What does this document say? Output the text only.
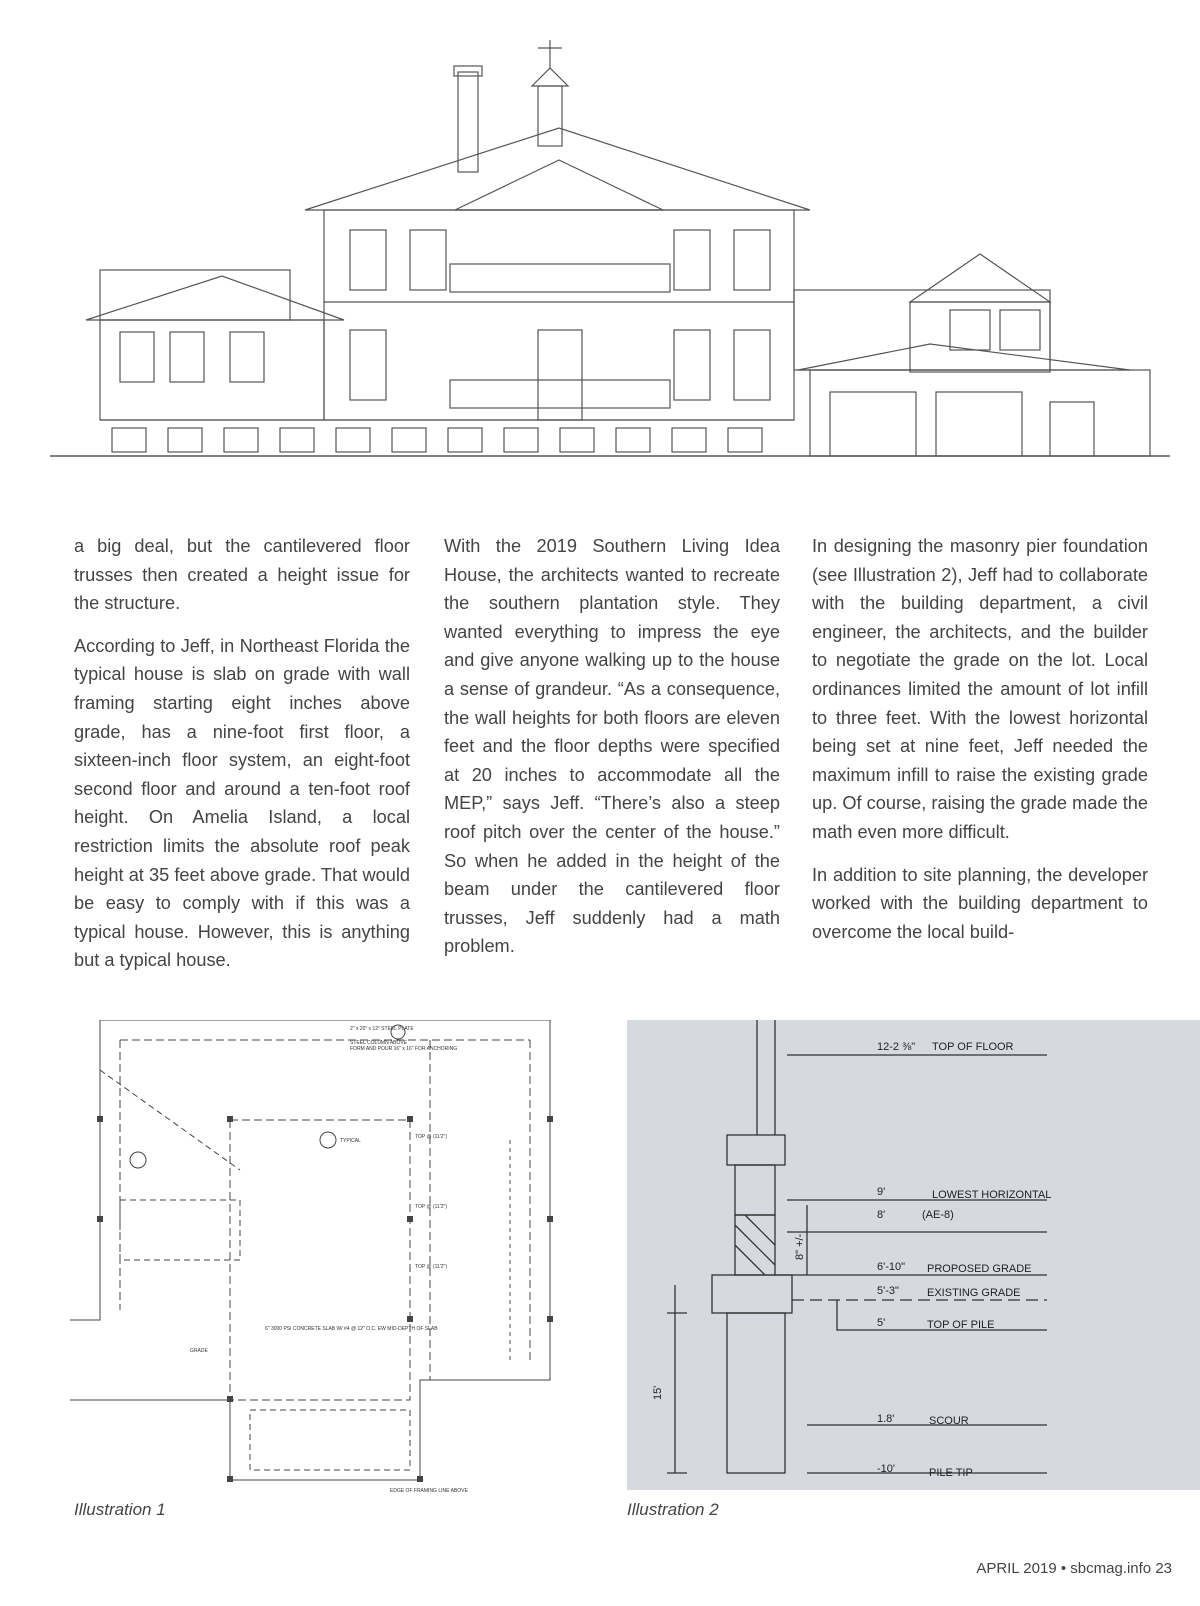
a big deal, but the cantilevered floor trusses then created a height issue for the structure.

According to Jeff, in Northeast Florida the typical house is slab on grade with wall framing starting eight inches above grade, has a nine-foot first floor, a sixteen-inch floor system, an eight-foot second floor and around a ten-foot roof height. On Amelia Island, a local restriction limits the absolute roof peak height at 35 feet above grade. That would be easy to comply with if this was a typical house. However, this is anything but a typical house.

With the 2019 Southern Living Idea House, the architects wanted to recreate the southern plantation style. They wanted everything to impress the eye and give anyone walking up to the house a sense of grandeur. “As a consequence, the wall heights for both floors are eleven feet and the floor depths were specified at 20 inches to accommodate all the MEP,” says Jeff. “There’s also a steep roof pitch over the center of the house.” So when he added in the height of the beam under the cantilevered floor trusses, Jeff suddenly had a math problem.

In designing the masonry pier foundation (see Illustration 2), Jeff had to collaborate with the building department, a civil engineer, the architects, and the builder to negotiate the grade on the lot. Local ordinances limited the amount of lot infill to three feet. With the lowest horizontal being set at nine feet, Jeff needed the maximum infill to raise the existing grade up. Of course, raising the grade made the math even more difficult.

In addition to site planning, the developer worked with the building department to overcome the local build-

2" x 20" x 12" STEEL PLATE
STEEL COLUMN ABOVE
FORM AND POUR 16" x 16" FOR ANCHORING
TYPICAL
6" 3000 PSI CONCRETE SLAB W/ #4 @ 12" O.C. EW MID-DEPTH OF SLAB
GRADE
EDGE OF FRAMING LINE ABOVE
TOP @ (11'2")
TOP @ (11'2")
TOP @ (11'2")
12-2 ⅜" TOP OF FLOOR
9'	LOWEST HORIZONTAL
8'	(AE-8)
6'-10" PROPOSED GRADE
5'-3"	EXISTING GRADE
5'	TOP OF PILE
1.8'	SCOUR
-10'	PILE TIP
15'
8" +/-
Illustration 1	Illustration 2
APRIL 2019 • sbcmag.info 23
